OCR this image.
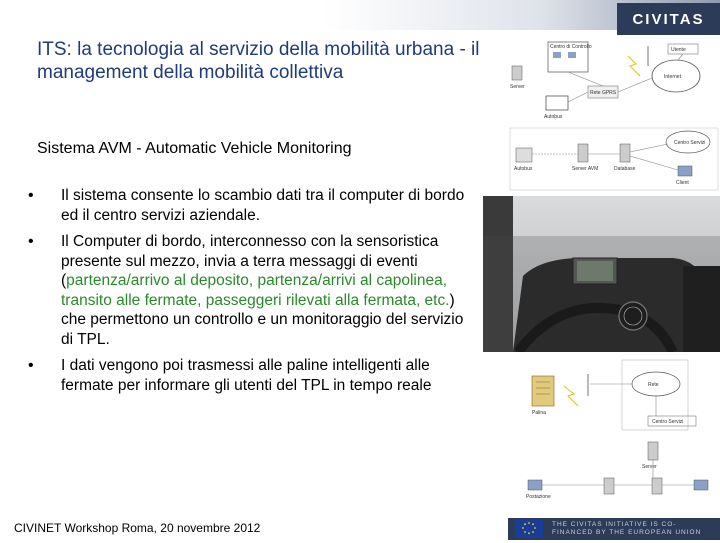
CIVITAS
ITS: la tecnologia al servizio della mobilità urbana - il management della mobilità collettiva
Sistema AVM - Automatic Vehicle Monitoring
• Il sistema consente lo scambio dati tra il computer di bordo ed il centro servizi aziendale.
• Il Computer di bordo, interconnesso con la sensoristica presente sul mezzo, invia a terra messaggi di eventi (partenza/arrivo al deposito, partenza/arrivi al capolinea, transito alle fermate, passeggeri rilevati alla fermata, etc.) che permettono un controllo e un monitoraggio del servizio di TPL.
• I dati vengono poi trasmessi alle paline intelligenti alle fermate per informare gli utenti del TPL in tempo reale
Centro di Controllo
Autobus
Rete GPRS
Server
Internet
Utente
Autobus	Server AVM	Database
Centro Servizi
Client
Palina
Rete
Server
Centro Servizi
Postazione
CIVINET Workshop Roma, 20 novembre 2012	THE CIVITAS INITIATIVE IS CO-FINANCED BY THE EUROPEAN UNION
